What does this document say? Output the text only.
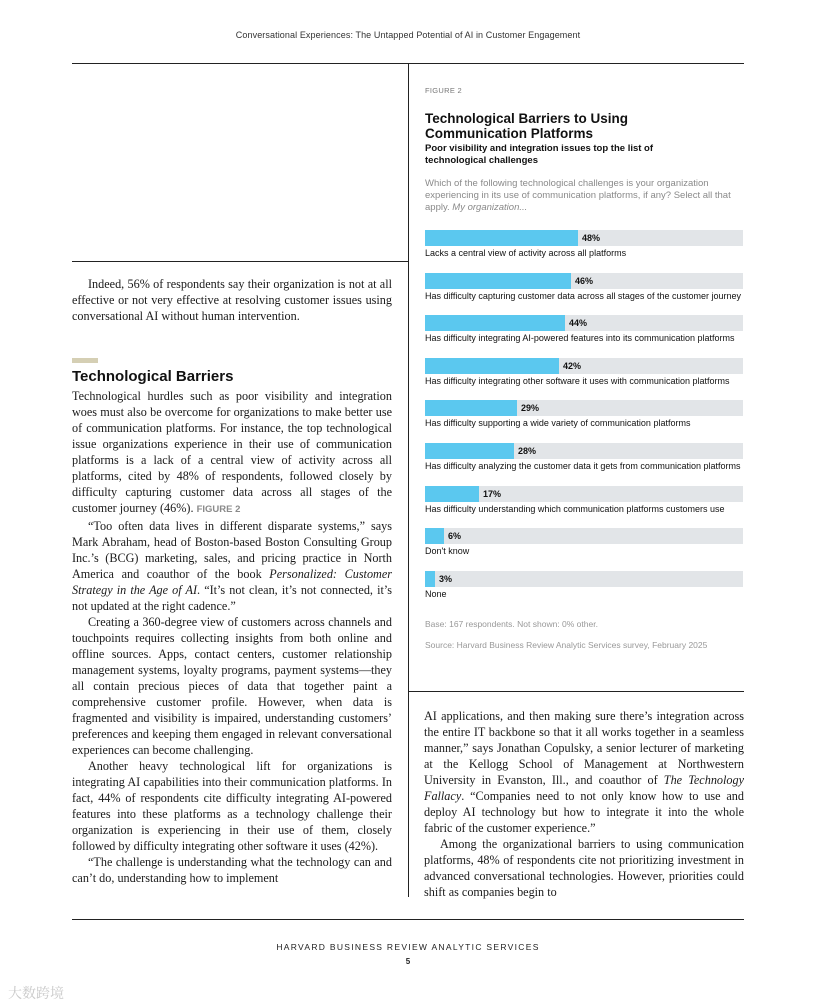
Conversational Experiences: The Untapped Potential of AI in Customer Engagement

Indeed, 56% of respondents say their organization is not at all effective or not very effective at resolving customer issues using conversational AI without human intervention.

Technological Barriers

Technological hurdles such as poor visibility and integration woes must also be overcome for organizations to make better use of communication platforms. For instance, the top technological issue organizations experience in their use of communication platforms is a lack of a central view of activity across all platforms, cited by 48% of respondents, followed closely by difficulty capturing customer data across all stages of the customer journey (46%). FIGURE 2

“Too often data lives in different disparate systems,” says Mark Abraham, head of Boston-based Boston Consulting Group Inc.’s (BCG) marketing, sales, and pricing practice in North America and coauthor of the book Personalized: Customer Strategy in the Age of AI. “It’s not clean, it’s not connected, it’s not updated at the right cadence.”

Creating a 360-degree view of customers across channels and touchpoints requires collecting insights from both online and offline sources. Apps, contact centers, customer relationship management systems, loyalty programs, payment systems—they all contain precious pieces of data that together paint a comprehensive customer profile. However, when data is fragmented and visibility is impaired, understanding customers’ preferences and keeping them engaged in relevant conversational experiences can become challenging.

Another heavy technological lift for organizations is integrating AI capabilities into their communication platforms. In fact, 44% of respondents cite difficulty integrating AI-powered features into these platforms as a technology challenge their organization is experiencing in their use of them, closely followed by difficulty integrating other software it uses (42%).

“The challenge is understanding what the technology can and can’t do, understanding how to implement

FIGURE 2
Technological Barriers to Using Communication Platforms
Poor visibility and integration issues top the list of technological challenges
Which of the following technological challenges is your organization experiencing in its use of communication platforms, if any? Select all that apply. My organization...
48%
Lacks a central view of activity across all platforms
46%
Has difficulty capturing customer data across all stages of the customer journey
44%
Has difficulty integrating AI-powered features into its communication platforms
42%
Has difficulty integrating other software it uses with communication platforms
29%
Has difficulty supporting a wide variety of communication platforms
28%
Has difficulty analyzing the customer data it gets from communication platforms
17%
Has difficulty understanding which communication platforms customers use
6%
Don't know
3%
None
Base: 167 respondents. Not shown: 0% other.
Source: Harvard Business Review Analytic Services survey, February 2025

AI applications, and then making sure there’s integration across the entire IT backbone so that it all works together in a seamless manner,” says Jonathan Copulsky, a senior lecturer of marketing at the Kellogg School of Management at Northwestern University in Evanston, Ill., and coauthor of The Technology Fallacy. “Companies need to not only know how to use and deploy AI technology but how to integrate it into the whole fabric of the customer experience.”

Among the organizational barriers to using communication platforms, 48% of respondents cite not prioritizing investment in advanced conversational technologies. However, priorities could shift as companies begin to

HARVARD BUSINESS REVIEW ANALYTIC SERVICES
5
大数跨境
